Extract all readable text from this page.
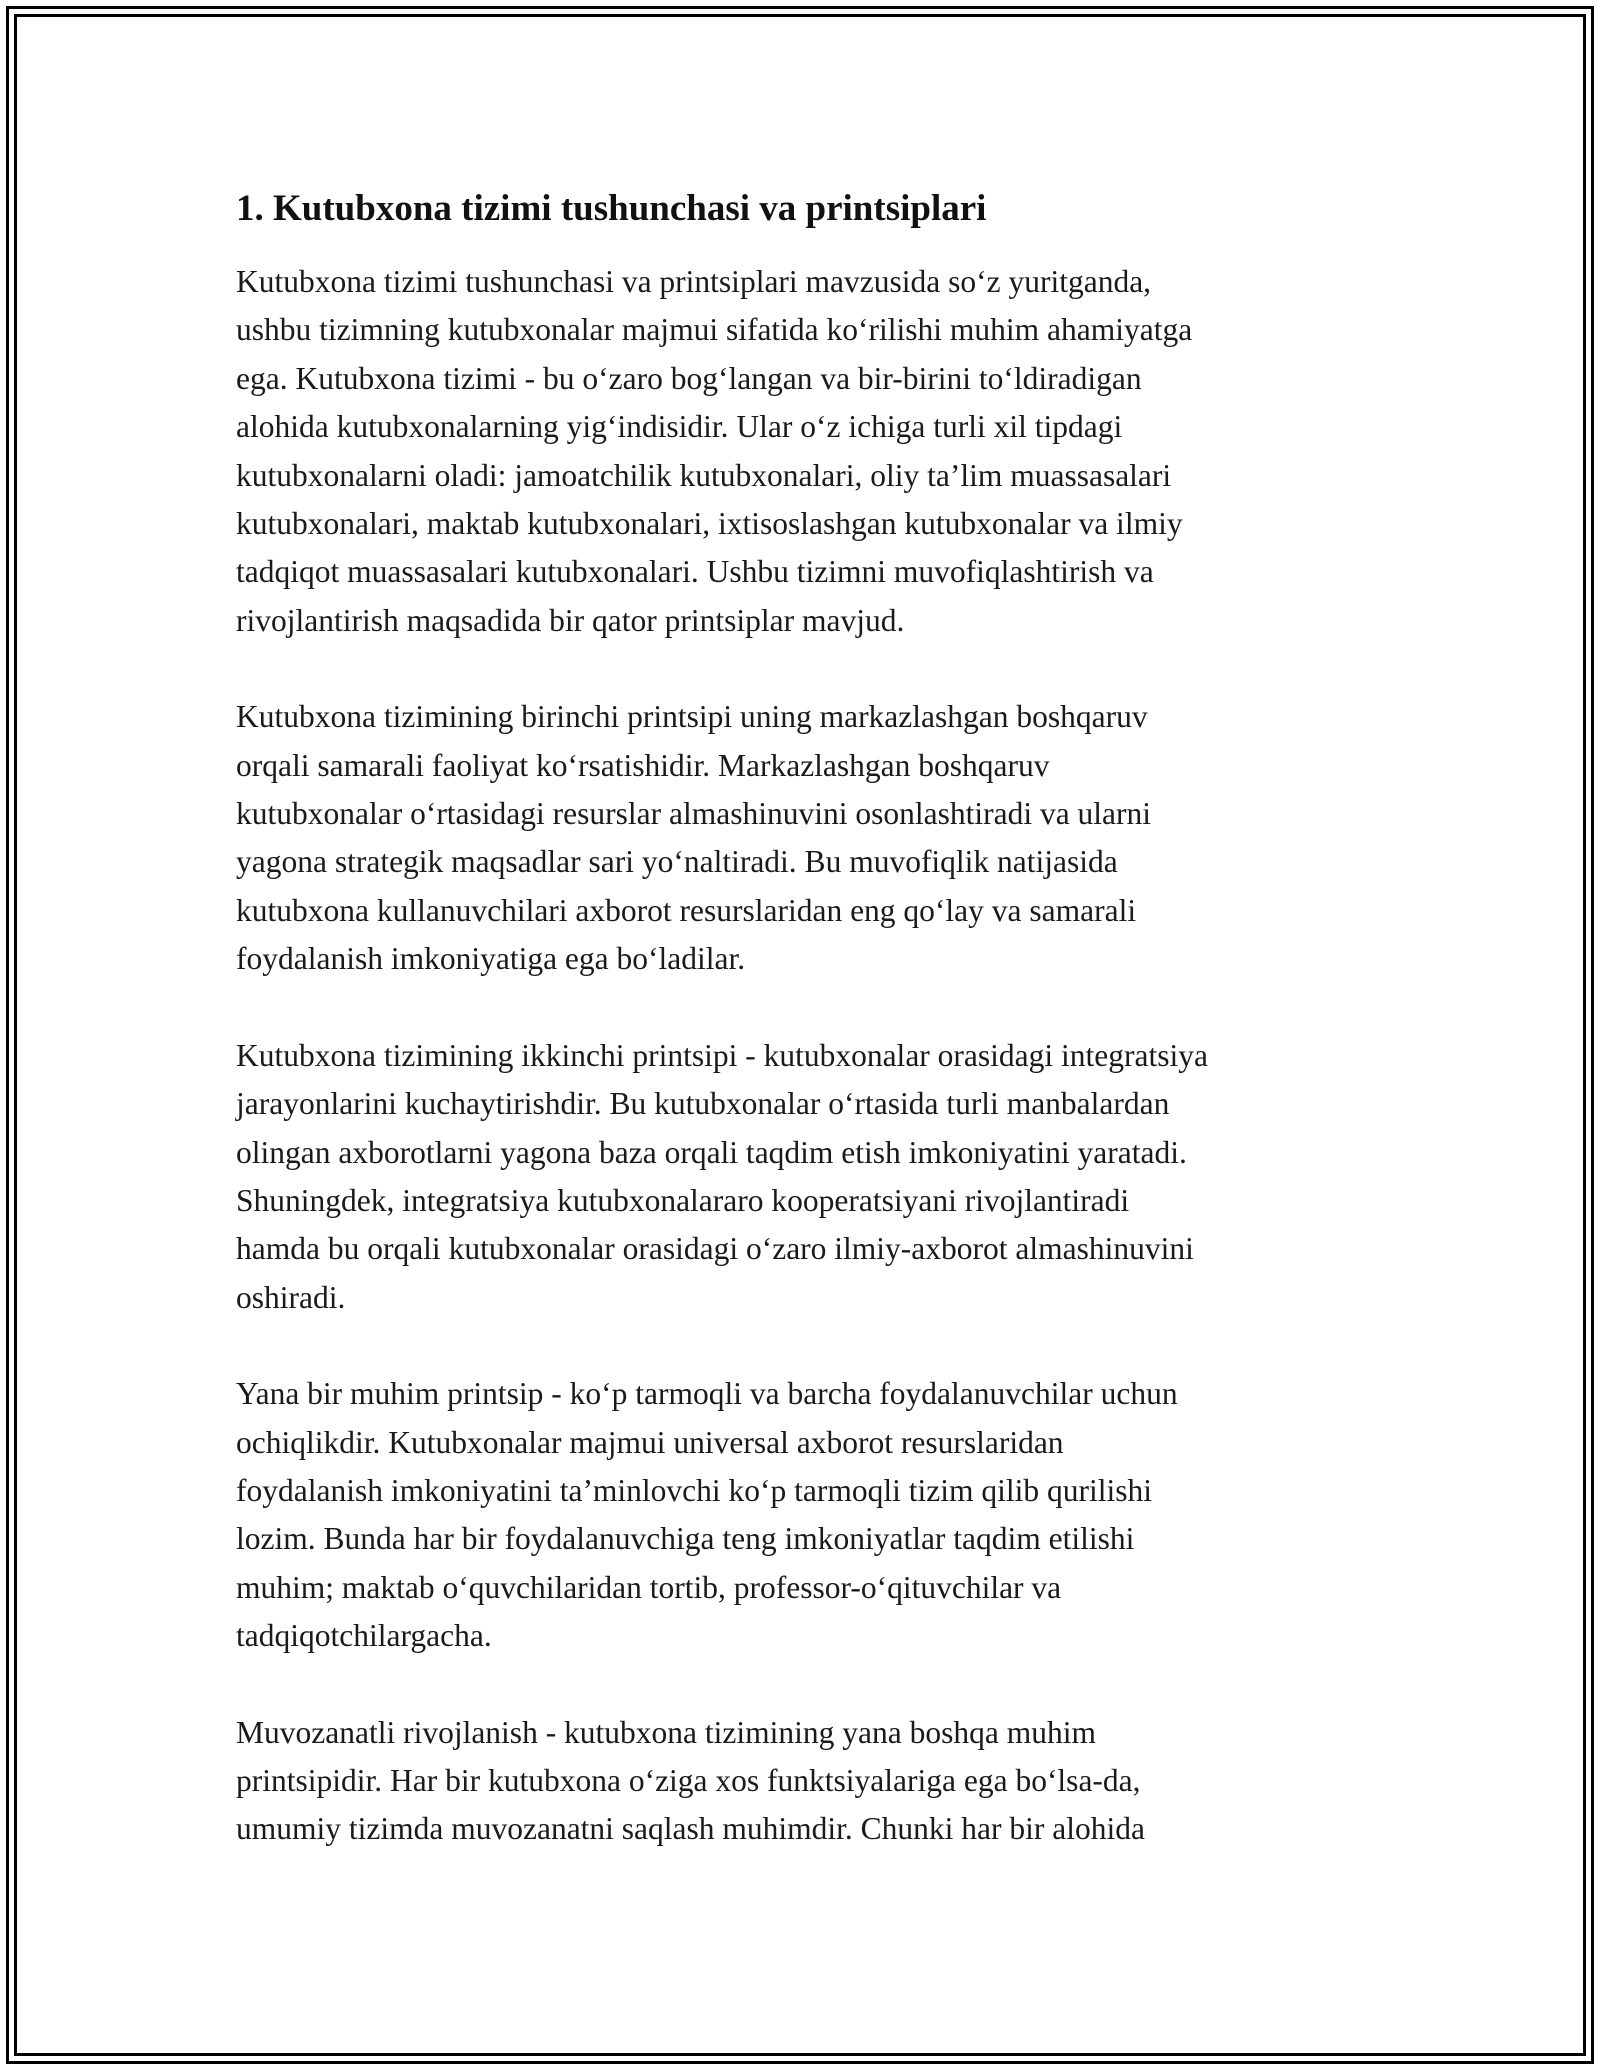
1. Kutubxona tizimi tushunchasi va printsiplari

Kutubxona tizimi tushunchasi va printsiplari mavzusida so‘z yuritganda,
ushbu tizimning kutubxonalar majmui sifatida ko‘rilishi muhim ahamiyatga
ega. Kutubxona tizimi - bu o‘zaro bog‘langan va bir-birini to‘ldiradigan
alohida kutubxonalarning yig‘indisidir. Ular o‘z ichiga turli xil tipdagi
kutubxonalarni oladi: jamoatchilik kutubxonalari, oliy ta’lim muassasalari
kutubxonalari, maktab kutubxonalari, ixtisoslashgan kutubxonalar va ilmiy
tadqiqot muassasalari kutubxonalari. Ushbu tizimni muvofiqlashtirish va
rivojlantirish maqsadida bir qator printsiplar mavjud.

Kutubxona tizimining birinchi printsipi uning markazlashgan boshqaruv
orqali samarali faoliyat ko‘rsatishidir. Markazlashgan boshqaruv
kutubxonalar o‘rtasidagi resurslar almashinuvini osonlashtiradi va ularni
yagona strategik maqsadlar sari yo‘naltiradi. Bu muvofiqlik natijasida
kutubxona kullanuvchilari axborot resurslaridan eng qo‘lay va samarali
foydalanish imkoniyatiga ega bo‘ladilar.

Kutubxona tizimining ikkinchi printsipi - kutubxonalar orasidagi integratsiya
jarayonlarini kuchaytirishdir. Bu kutubxonalar o‘rtasida turli manbalardan
olingan axborotlarni yagona baza orqali taqdim etish imkoniyatini yaratadi.
Shuningdek, integratsiya kutubxonalararo kooperatsiyani rivojlantiradi
hamda bu orqali kutubxonalar orasidagi o‘zaro ilmiy-axborot almashinuvini
oshiradi.

Yana bir muhim printsip - ko‘p tarmoqli va barcha foydalanuvchilar uchun
ochiqlikdir. Kutubxonalar majmui universal axborot resurslaridan
foydalanish imkoniyatini ta’minlovchi ko‘p tarmoqli tizim qilib qurilishi
lozim. Bunda har bir foydalanuvchiga teng imkoniyatlar taqdim etilishi
muhim; maktab o‘quvchilaridan tortib, professor-o‘qituvchilar va
tadqiqotchilargacha.

Muvozanatli rivojlanish - kutubxona tizimining yana boshqa muhim
printsipidir. Har bir kutubxona o‘ziga xos funktsiyalariga ega bo‘lsa-da,
umumiy tizimda muvozanatni saqlash muhimdir. Chunki har bir alohida
